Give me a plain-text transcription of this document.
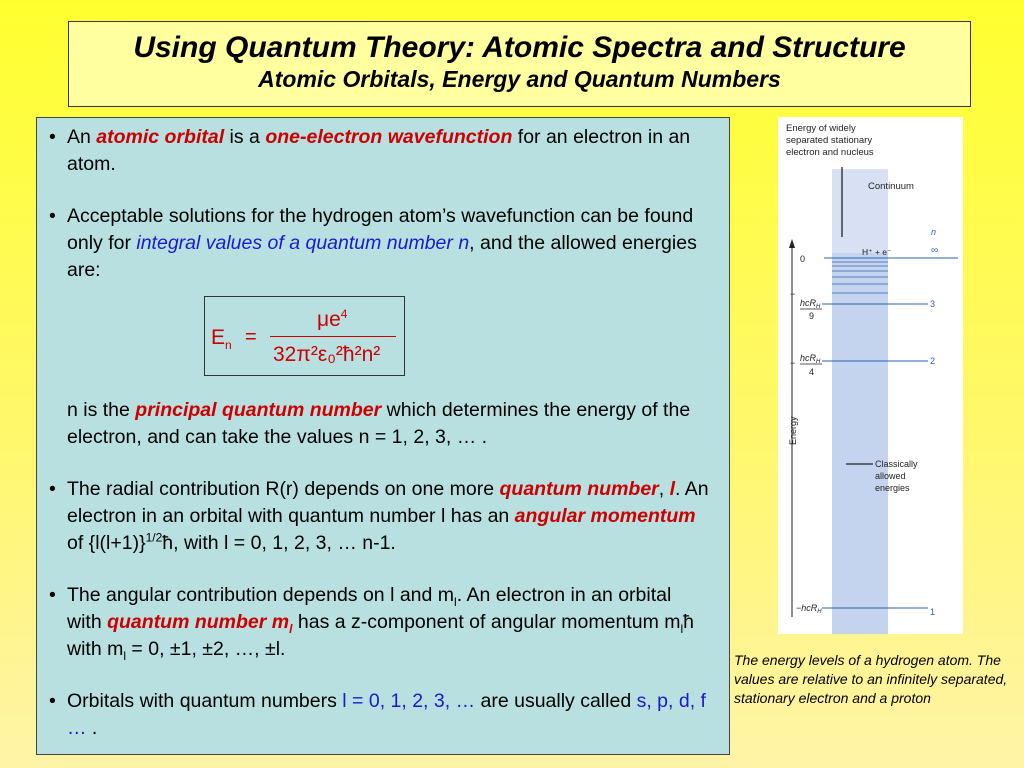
Using Quantum Theory: Atomic Spectra and Structure
Atomic Orbitals, Energy and Quantum Numbers
• An atomic orbital is a one-electron wavefunction for an electron in an atom.
• Acceptable solutions for the hydrogen atom’s wavefunction can be found only for integral values of a quantum number n, and the allowed energies are:
$E_n$ =
$\mu e^4$
32π²ε₀²ħ²n²
n is the principal quantum number which determines the energy of the electron, and can take the values n = 1, 2, 3, … .
• The radial contribution R(r) depends on one more quantum number, l. An electron in an orbital with quantum number l has an angular momentum of $\{l(l+1)\}^{1/2}ħ$, with l = 0, 1, 2, 3, … n-1.
• The angular contribution depends on l and $m_l$. An electron in an orbital with quantum number $m_l$ has a z-component of angular momentum $m_lħ$ with $m_l = 0$, ±1, ±2, …, ±l.
• Orbitals with quantum numbers l = 0, 1, 2, 3, … are usually called s, p, d, f … .
Energy of widely
separated stationary
electron and nucleus
Continuum
n
∞
H⁺ + e⁻
0
Energy
−
hcR$_H$
9
3
− hcR$_H$
4
2
Classically
allowed
energies
−hcR$_H$	1
The energy levels of a hydrogen atom. The values are relative to an infinitely separated, stationary electron and a proton
